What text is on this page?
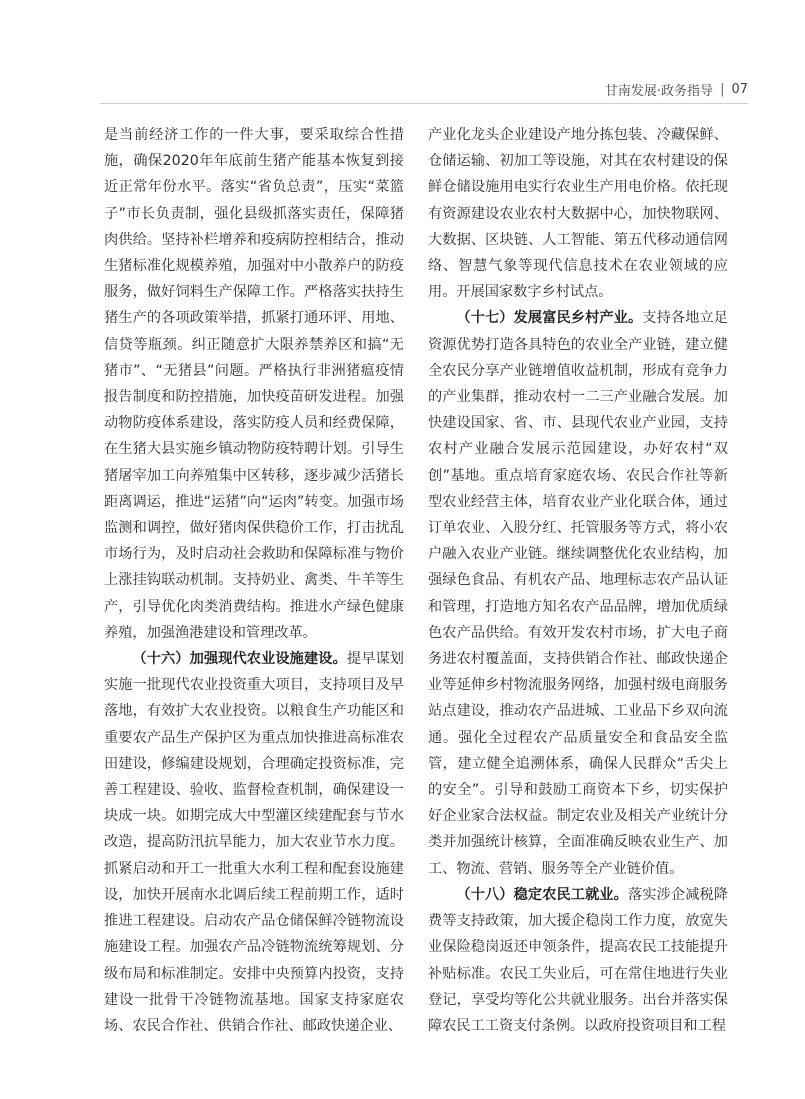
甘南发展·政务指导 | 07

是当前经济工作的一件大事，要采取综合性措施，确保2020年年底前生猪产能基本恢复到接近正常年份水平。落实“省负总责”，压实“菜篮子”市长负责制，强化县级抓落实责任，保障猪肉供给。坚持补栏增养和疫病防控相结合，推动生猪标准化规模养殖，加强对中小散养户的防疫服务，做好饲料生产保障工作。严格落实扶持生猪生产的各项政策举措，抓紧打通环评、用地、信贷等瓶颈。纠正随意扩大限养禁养区和搞“无猪市”、“无猪县”问题。严格执行非洲猪瘟疫情报告制度和防控措施，加快疫苗研发进程。加强动物防疫体系建设，落实防疫人员和经费保障，在生猪大县实施乡镇动物防疫特聘计划。引导生猪屠宰加工向养殖集中区转移，逐步减少活猪长距离调运，推进“运猪”向“运肉”转变。加强市场监测和调控，做好猪肉保供稳价工作，打击扰乱市场行为，及时启动社会救助和保障标准与物价上涨挂钩联动机制。支持奶业、禽类、牛羊等生产，引导优化肉类消费结构。推进水产绿色健康养殖，加强渔港建设和管理改革。

（十六）加强现代农业设施建设。提早谋划实施一批现代农业投资重大项目，支持项目及早落地，有效扩大农业投资。以粮食生产功能区和重要农产品生产保护区为重点加快推进高标准农田建设，修编建设规划，合理确定投资标准，完善工程建设、验收、监督检查机制，确保建设一块成一块。如期完成大中型灌区续建配套与节水改造，提高防汛抗旱能力，加大农业节水力度。抓紧启动和开工一批重大水利工程和配套设施建设，加快开展南水北调后续工程前期工作，适时推进工程建设。启动农产品仓储保鲜冷链物流设施建设工程。加强农产品冷链物流统筹规划、分级布局和标准制定。安排中央预算内投资，支持建设一批骨干冷链物流基地。国家支持家庭农场、农民合作社、供销合作社、邮政快递企业、

产业化龙头企业建设产地分拣包装、冷藏保鲜、仓储运输、初加工等设施，对其在农村建设的保鲜仓储设施用电实行农业生产用电价格。依托现有资源建设农业农村大数据中心，加快物联网、大数据、区块链、人工智能、第五代移动通信网络、智慧气象等现代信息技术在农业领域的应用。开展国家数字乡村试点。

（十七）发展富民乡村产业。支持各地立足资源优势打造各具特色的农业全产业链，建立健全农民分享产业链增值收益机制，形成有竞争力的产业集群，推动农村一二三产业融合发展。加快建设国家、省、市、县现代农业产业园，支持农村产业融合发展示范园建设，办好农村“双创”基地。重点培育家庭农场、农民合作社等新型农业经营主体，培育农业产业化联合体，通过订单农业、入股分红、托管服务等方式，将小农户融入农业产业链。继续调整优化农业结构，加强绿色食品、有机农产品、地理标志农产品认证和管理，打造地方知名农产品品牌，增加优质绿色农产品供给。有效开发农村市场，扩大电子商务进农村覆盖面，支持供销合作社、邮政快递企业等延伸乡村物流服务网络，加强村级电商服务站点建设，推动农产品进城、工业品下乡双向流通。强化全过程农产品质量安全和食品安全监管，建立健全追溯体系，确保人民群众“舌尖上的安全”。引导和鼓励工商资本下乡，切实保护好企业家合法权益。制定农业及相关产业统计分类并加强统计核算，全面准确反映农业生产、加工、物流、营销、服务等全产业链价值。

（十八）稳定农民工就业。落实涉企减税降费等支持政策，加大援企稳岗工作力度，放宽失业保险稳岗返还申领条件，提高农民工技能提升补贴标准。农民工失业后，可在常住地进行失业登记，享受均等化公共就业服务。出台并落实保障农民工工资支付条例。以政府投资项目和工程
